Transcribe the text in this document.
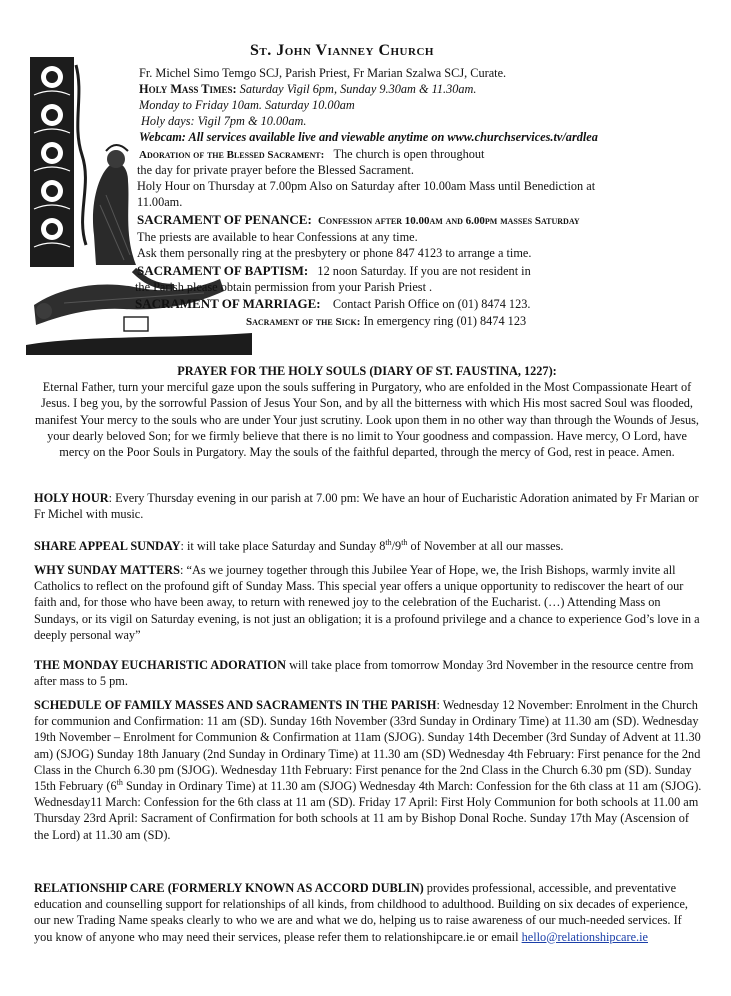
St. John Vianney Church
Fr. Michel Simo Temgo SCJ, Parish Priest, Fr Marian Szalwa SCJ, Curate.
Holy Mass Times: Saturday Vigil 6pm, Sunday 9.30am & 11.30am.
Monday to Friday 10am. Saturday 10.00am
Holy days: Vigil 7pm & 10.00am.
Webcam: All services available live and viewable anytime on www.churchservices.tv/ardlea
Adoration of the Blessed Sacrament: The church is open throughout
the day for private prayer before the Blessed Sacrament.
Holy Hour on Thursday at 7.00pm Also on Saturday after 10.00am Mass until Benediction at
11.00am.
SACRAMENT OF PENANCE: Confession after 10.00am and 6.00pm masses Saturday
The priests are available to hear Confessions at any time.
Ask them personally ring at the presbytery or phone 847 4123 to arrange a time.
SACRAMENT OF BAPTISM: 12 noon Saturday. If you are not resident in
the Parish please obtain permission from your Parish Priest .
SACRAMENT OF MARRIAGE: Contact Parish Office on (01) 8474 123.
Sacrament of the Sick: In emergency ring (01) 8474 123
PRAYER FOR THE HOLY SOULS (DIARY OF ST. FAUSTINA, 1227):
Eternal Father, turn your merciful gaze upon the souls suffering in Purgatory, who are enfolded in the Most Compassionate Heart of Jesus. I beg you, by the sorrowful Passion of Jesus Your Son, and by all the bitterness with which His most sacred Soul was flooded, manifest Your mercy to the souls who are under Your just scrutiny. Look upon them in no other way than through the Wounds of Jesus, your dearly beloved Son; for we firmly believe that there is no limit to Your goodness and compassion. Have mercy, O Lord, have mercy on the Poor Souls in Purgatory. May the souls of the faithful departed, through the mercy of God, rest in peace. Amen.
HOLY HOUR: Every Thursday evening in our parish at 7.00 pm: We have an hour of Eucharistic Adoration animated by Fr Marian or Fr Michel with music.
SHARE APPEAL SUNDAY: it will take place Saturday and Sunday 8th/9th of November at all our masses.
WHY SUNDAY MATTERS: “As we journey together through this Jubilee Year of Hope, we, the Irish Bishops, warmly invite all Catholics to reflect on the profound gift of Sunday Mass. This special year offers a unique opportunity to rediscover the heart of our faith and, for those who have been away, to return with renewed joy to the celebration of the Eucharist. (…) Attending Mass on Sundays, or its vigil on Saturday evening, is not just an obligation; it is a profound privilege and a chance to experience God’s love in a deeply personal way”
THE MONDAY EUCHARISTIC ADORATION will take place from tomorrow Monday 3rd November in the resource centre from after mass to 5 pm.
SCHEDULE OF FAMILY MASSES AND SACRAMENTS IN THE PARISH: Wednesday 12 November: Enrolment in the Church for communion and Confirmation: 11 am (SD). Sunday 16th November (33rd Sunday in Ordinary Time) at 11.30 am (SD). Wednesday 19th November – Enrolment for Communion & Confirmation at 11am (SJOG). Sunday 14th December (3rd Sunday of Advent at 11.30 am) (SJOG) Sunday 18th January (2nd Sunday in Ordinary Time) at 11.30 am (SD) Wednesday 4th February: First penance for the 2nd Class in the Church 6.30 pm (SJOG). Wednesday 11th February: First penance for the 2nd Class in the Church 6.30 pm (SD). Sunday 15th February (6th Sunday in Ordinary Time) at 11.30 am (SJOG) Wednesday 4th March: Confession for the 6th class at 11 am (SJOG). Wednesday11 March: Confession for the 6th class at 11 am (SD). Friday 17 April: First Holy Communion for both schools at 11.00 am Thursday 23rd April: Sacrament of Confirmation for both schools at 11 am by Bishop Donal Roche. Sunday 17th May (Ascension of the Lord) at 11.30 am (SD).
RELATIONSHIP CARE (FORMERLY KNOWN AS ACCORD DUBLIN) provides professional, accessible, and preventative education and counselling support for relationships of all kinds, from childhood to adulthood. Building on six decades of experience, our new Trading Name speaks clearly to who we are and what we do, helping us to raise awareness of our much-needed services. If you know of anyone who may need their services, please refer them to relationshipcare.ie or email hello@relationshipcare.ie
